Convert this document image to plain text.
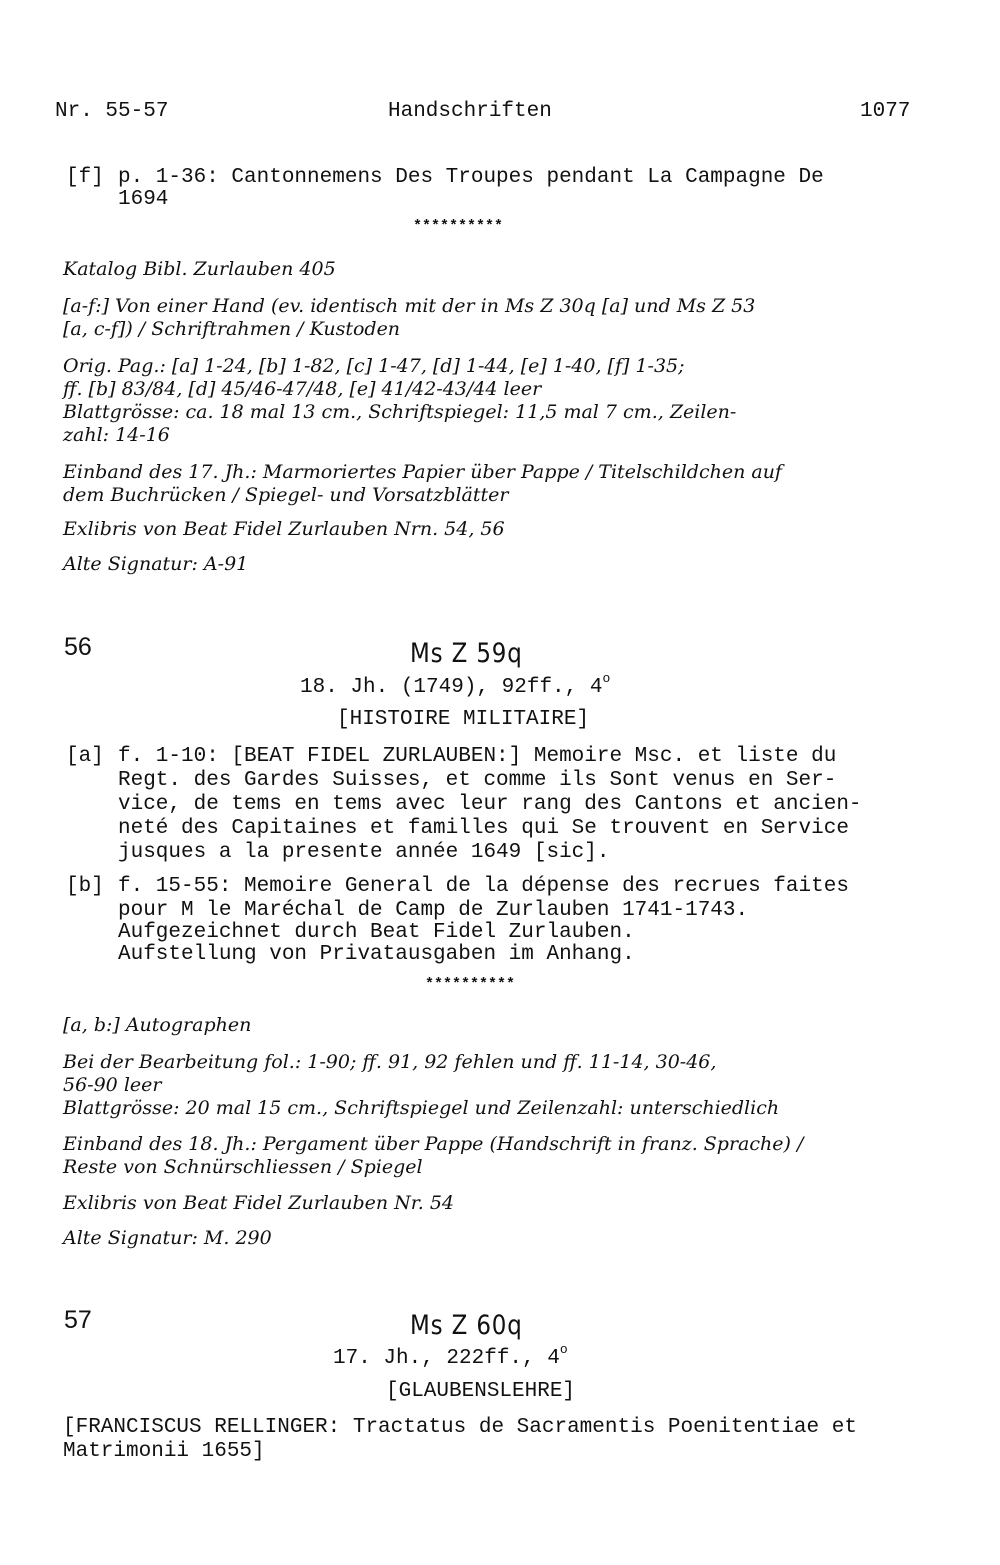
Nr. 55-57	Handschriften	1077
[f] p. 1-36: Cantonnemens Des Troupes pendant La Campagne De
1694
**********
Katalog Bibl. Zurlauben 405
[a-f:] Von einer Hand (ev. identisch mit der in Ms Z 30q [a] und Ms Z 53
[a, c-f]) / Schriftrahmen / Kustoden
Orig. Pag.: [a] 1-24, [b] 1-82, [c] 1-47, [d] 1-44, [e] 1-40, [f] 1-35;
ff. [b] 83/84, [d] 45/46-47/48, [e] 41/42-43/44 leer
Blattgrösse: ca. 18 mal 13 cm., Schriftspiegel: 11,5 mal 7 cm., Zeilen-
zahl: 14-16
Einband des 17. Jh.: Marmoriertes Papier über Pappe / Titelschildchen auf
dem Buchrücken / Spiegel- und Vorsatzblätter
Exlibris von Beat Fidel Zurlauben Nrn. 54, 56
Alte Signatur: A-91
56	Ms Z 59q
18. Jh. (1749), 92ff., 4$^o$
[HISTOIRE MILITAIRE]
[a] f. 1-10: [BEAT FIDEL ZURLAUBEN:] Memoire Msc. et liste du
Regt. des Gardes Suisses, et comme ils Sont venus en Ser-
vice, de tems en tems avec leur rang des Cantons et ancien-
neté des Capitaines et familles qui Se trouvent en Service
jusques a la presente année 1649 [sic].
[b] f. 15-55: Memoire General de la dépense des recrues faites
pour M le Maréchal de Camp de Zurlauben 1741-1743.
Aufgezeichnet durch Beat Fidel Zurlauben.
Aufstellung von Privatausgaben im Anhang.
**********
[a, b:] Autographen
Bei der Bearbeitung fol.: 1-90; ff. 91, 92 fehlen und ff. 11-14, 30-46,
56-90 leer
Blattgrösse: 20 mal 15 cm., Schriftspiegel und Zeilenzahl: unterschiedlich
Einband des 18. Jh.: Pergament über Pappe (Handschrift in franz. Sprache) /
Reste von Schnürschliessen / Spiegel
Exlibris von Beat Fidel Zurlauben Nr. 54
Alte Signatur: M. 290
57	Ms Z 60q
17. Jh., 222ff., 4$^o$
[GLAUBENSLEHRE]
[FRANCISCUS RELLINGER: Tractatus de Sacramentis Poenitentiae et
Matrimonii 1655]
